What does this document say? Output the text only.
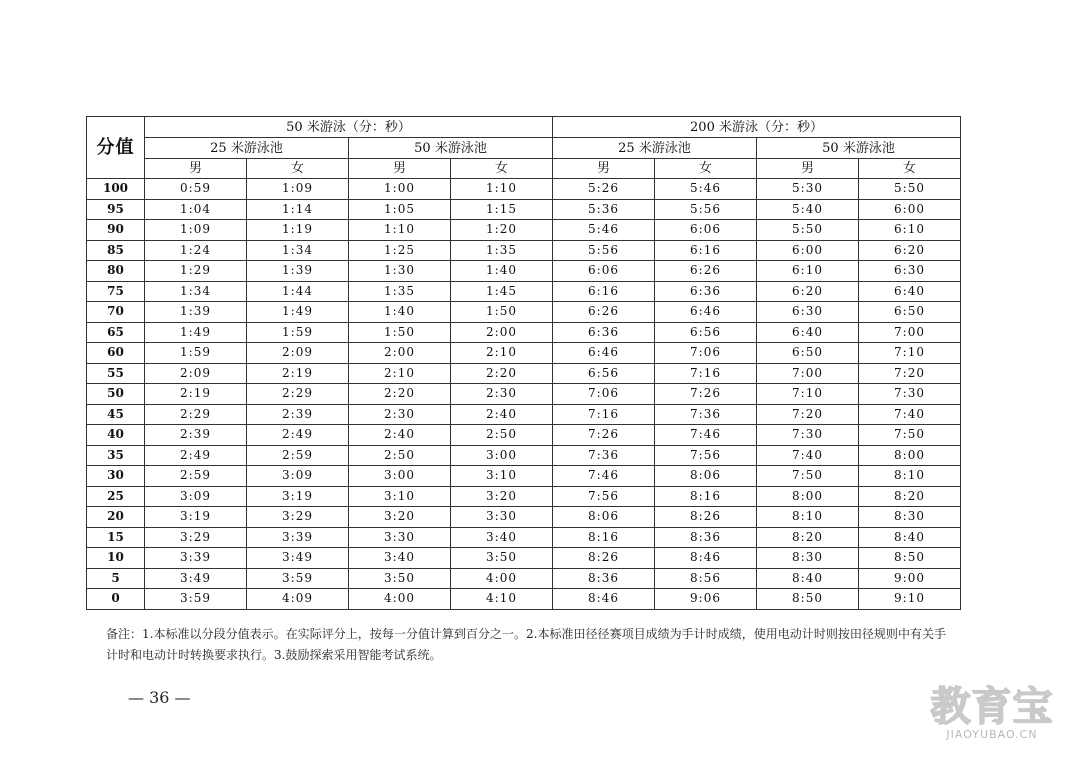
分值	50 米游泳（分：秒）				200 米游泳（分：秒）			
	25 米游泳池		50 米游泳池		25 米游泳池		50 米游泳池	
	男	女	男	女	男	女	男	女
100	0:59	1:09	1:00	1:10	5:26	5:46	5:30	5:50
95	1:04	1:14	1:05	1:15	5:36	5:56	5:40	6:00
90	1:09	1:19	1:10	1:20	5:46	6:06	5:50	6:10
85	1:24	1:34	1:25	1:35	5:56	6:16	6:00	6:20
80	1:29	1:39	1:30	1:40	6:06	6:26	6:10	6:30
75	1:34	1:44	1:35	1:45	6:16	6:36	6:20	6:40
70	1:39	1:49	1:40	1:50	6:26	6:46	6:30	6:50
65	1:49	1:59	1:50	2:00	6:36	6:56	6:40	7:00
60	1:59	2:09	2:00	2:10	6:46	7:06	6:50	7:10
55	2:09	2:19	2:10	2:20	6:56	7:16	7:00	7:20
50	2:19	2:29	2:20	2:30	7:06	7:26	7:10	7:30
45	2:29	2:39	2:30	2:40	7:16	7:36	7:20	7:40
40	2:39	2:49	2:40	2:50	7:26	7:46	7:30	7:50
35	2:49	2:59	2:50	3:00	7:36	7:56	7:40	8:00
30	2:59	3:09	3:00	3:10	7:46	8:06	7:50	8:10
25	3:09	3:19	3:10	3:20	7:56	8:16	8:00	8:20
20	3:19	3:29	3:20	3:30	8:06	8:26	8:10	8:30
15	3:29	3:39	3:30	3:40	8:16	8:36	8:20	8:40
10	3:39	3:49	3:40	3:50	8:26	8:46	8:30	8:50
5	3:49	3:59	3:50	4:00	8:36	8:56	8:40	9:00
0	3:59	4:09	4:00	4:10	8:46	9:06	8:50	9:10
备注：1.本标准以分段分值表示。在实际评分上，按每一分值计算到百分之一。2.本标准田径径赛项目成绩为手计时成绩，使用电动计时则按田径规则中有关手计时和电动计时转换要求执行。3.鼓励探索采用智能考试系统。
— 36 —	教育宝
JIAOYUBAO.CN
